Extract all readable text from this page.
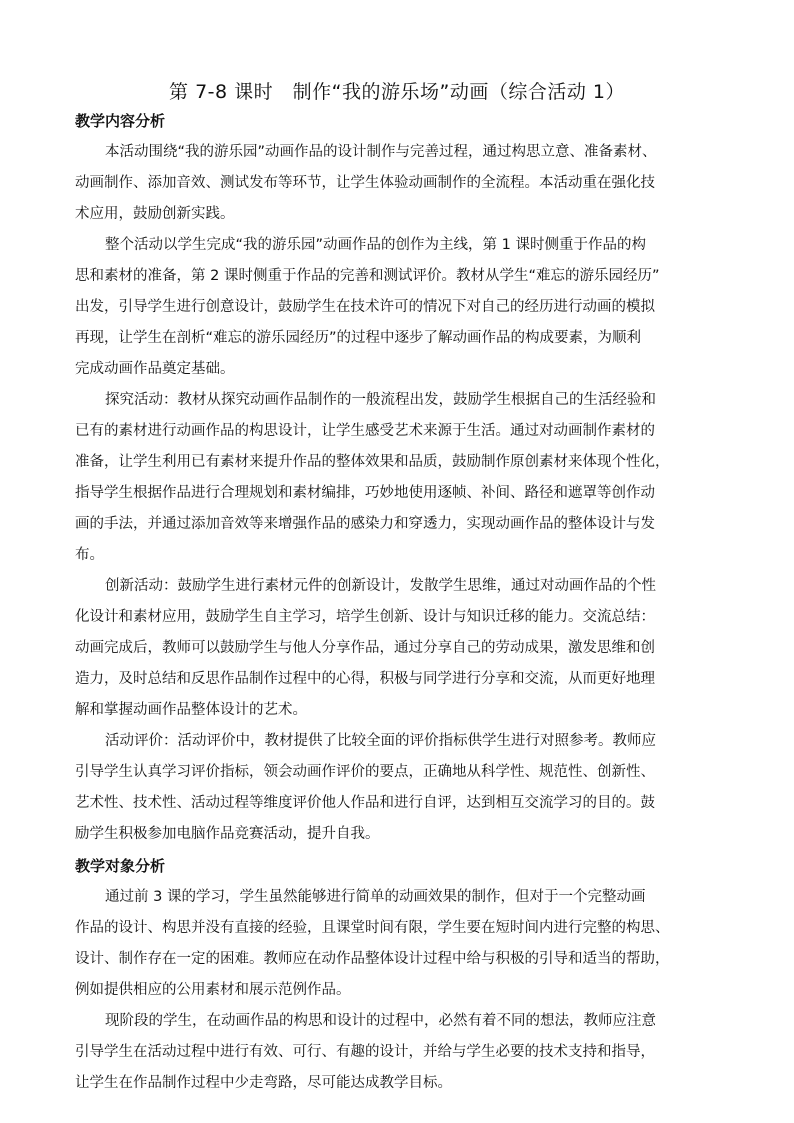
第 7-8 课时　制作“我的游乐场”动画（综合活动 1）
教学内容分析
本活动围绕“我的游乐园”动画作品的设计制作与完善过程，通过构思立意、准备素材、
动画制作、添加音效、测试发布等环节，让学生体验动画制作的全流程。本活动重在强化技
术应用，鼓励创新实践。
整个活动以学生完成“我的游乐园”动画作品的创作为主线，第 1 课时侧重于作品的构
思和素材的准备，第 2 课时侧重于作品的完善和测试评价。教材从学生“难忘的游乐园经历”
出发，引导学生进行创意设计，鼓励学生在技术许可的情况下对自己的经历进行动画的模拟
再现，让学生在剖析“难忘的游乐园经历”的过程中逐步了解动画作品的构成要素，为顺利
完成动画作品奠定基础。
探究活动：教材从探究动画作品制作的一般流程出发，鼓励学生根据自己的生活经验和
已有的素材进行动画作品的构思设计，让学生感受艺术来源于生活。通过对动画制作素材的
准备，让学生利用已有素材来提升作品的整体效果和品质，鼓励制作原创素材来体现个性化，
指导学生根据作品进行合理规划和素材编排，巧妙地使用逐帧、补间、路径和遮罩等创作动
画的手法，并通过添加音效等来增强作品的感染力和穿透力，实现动画作品的整体设计与发
布。
创新活动：鼓励学生进行素材元件的创新设计，发散学生思维，通过对动画作品的个性
化设计和素材应用，鼓励学生自主学习，培学生创新、设计与知识迁移的能力。交流总结：
动画完成后，教师可以鼓励学生与他人分享作品，通过分享自己的劳动成果，激发思维和创
造力，及时总结和反思作品制作过程中的心得，积极与同学进行分享和交流，从而更好地理
解和掌握动画作品整体设计的艺术。
活动评价：活动评价中，教材提供了比较全面的评价指标供学生进行对照参考。教师应
引导学生认真学习评价指标，领会动画作评价的要点，正确地从科学性、规范性、创新性、
艺术性、技术性、活动过程等维度评价他人作品和进行自评，达到相互交流学习的目的。鼓
励学生积极参加电脑作品竞赛活动，提升自我。
教学对象分析
通过前 3 课的学习，学生虽然能够进行简单的动画效果的制作，但对于一个完整动画
作品的设计、构思并没有直接的经验，且课堂时间有限，学生要在短时间内进行完整的构思、
设计、制作存在一定的困难。教师应在动作品整体设计过程中给与积极的引导和适当的帮助，
例如提供相应的公用素材和展示范例作品。
现阶段的学生，在动画作品的构思和设计的过程中，必然有着不同的想法，教师应注意
引导学生在活动过程中进行有效、可行、有趣的设计，并给与学生必要的技术支持和指导，
让学生在作品制作过程中少走弯路，尽可能达成教学目标。
